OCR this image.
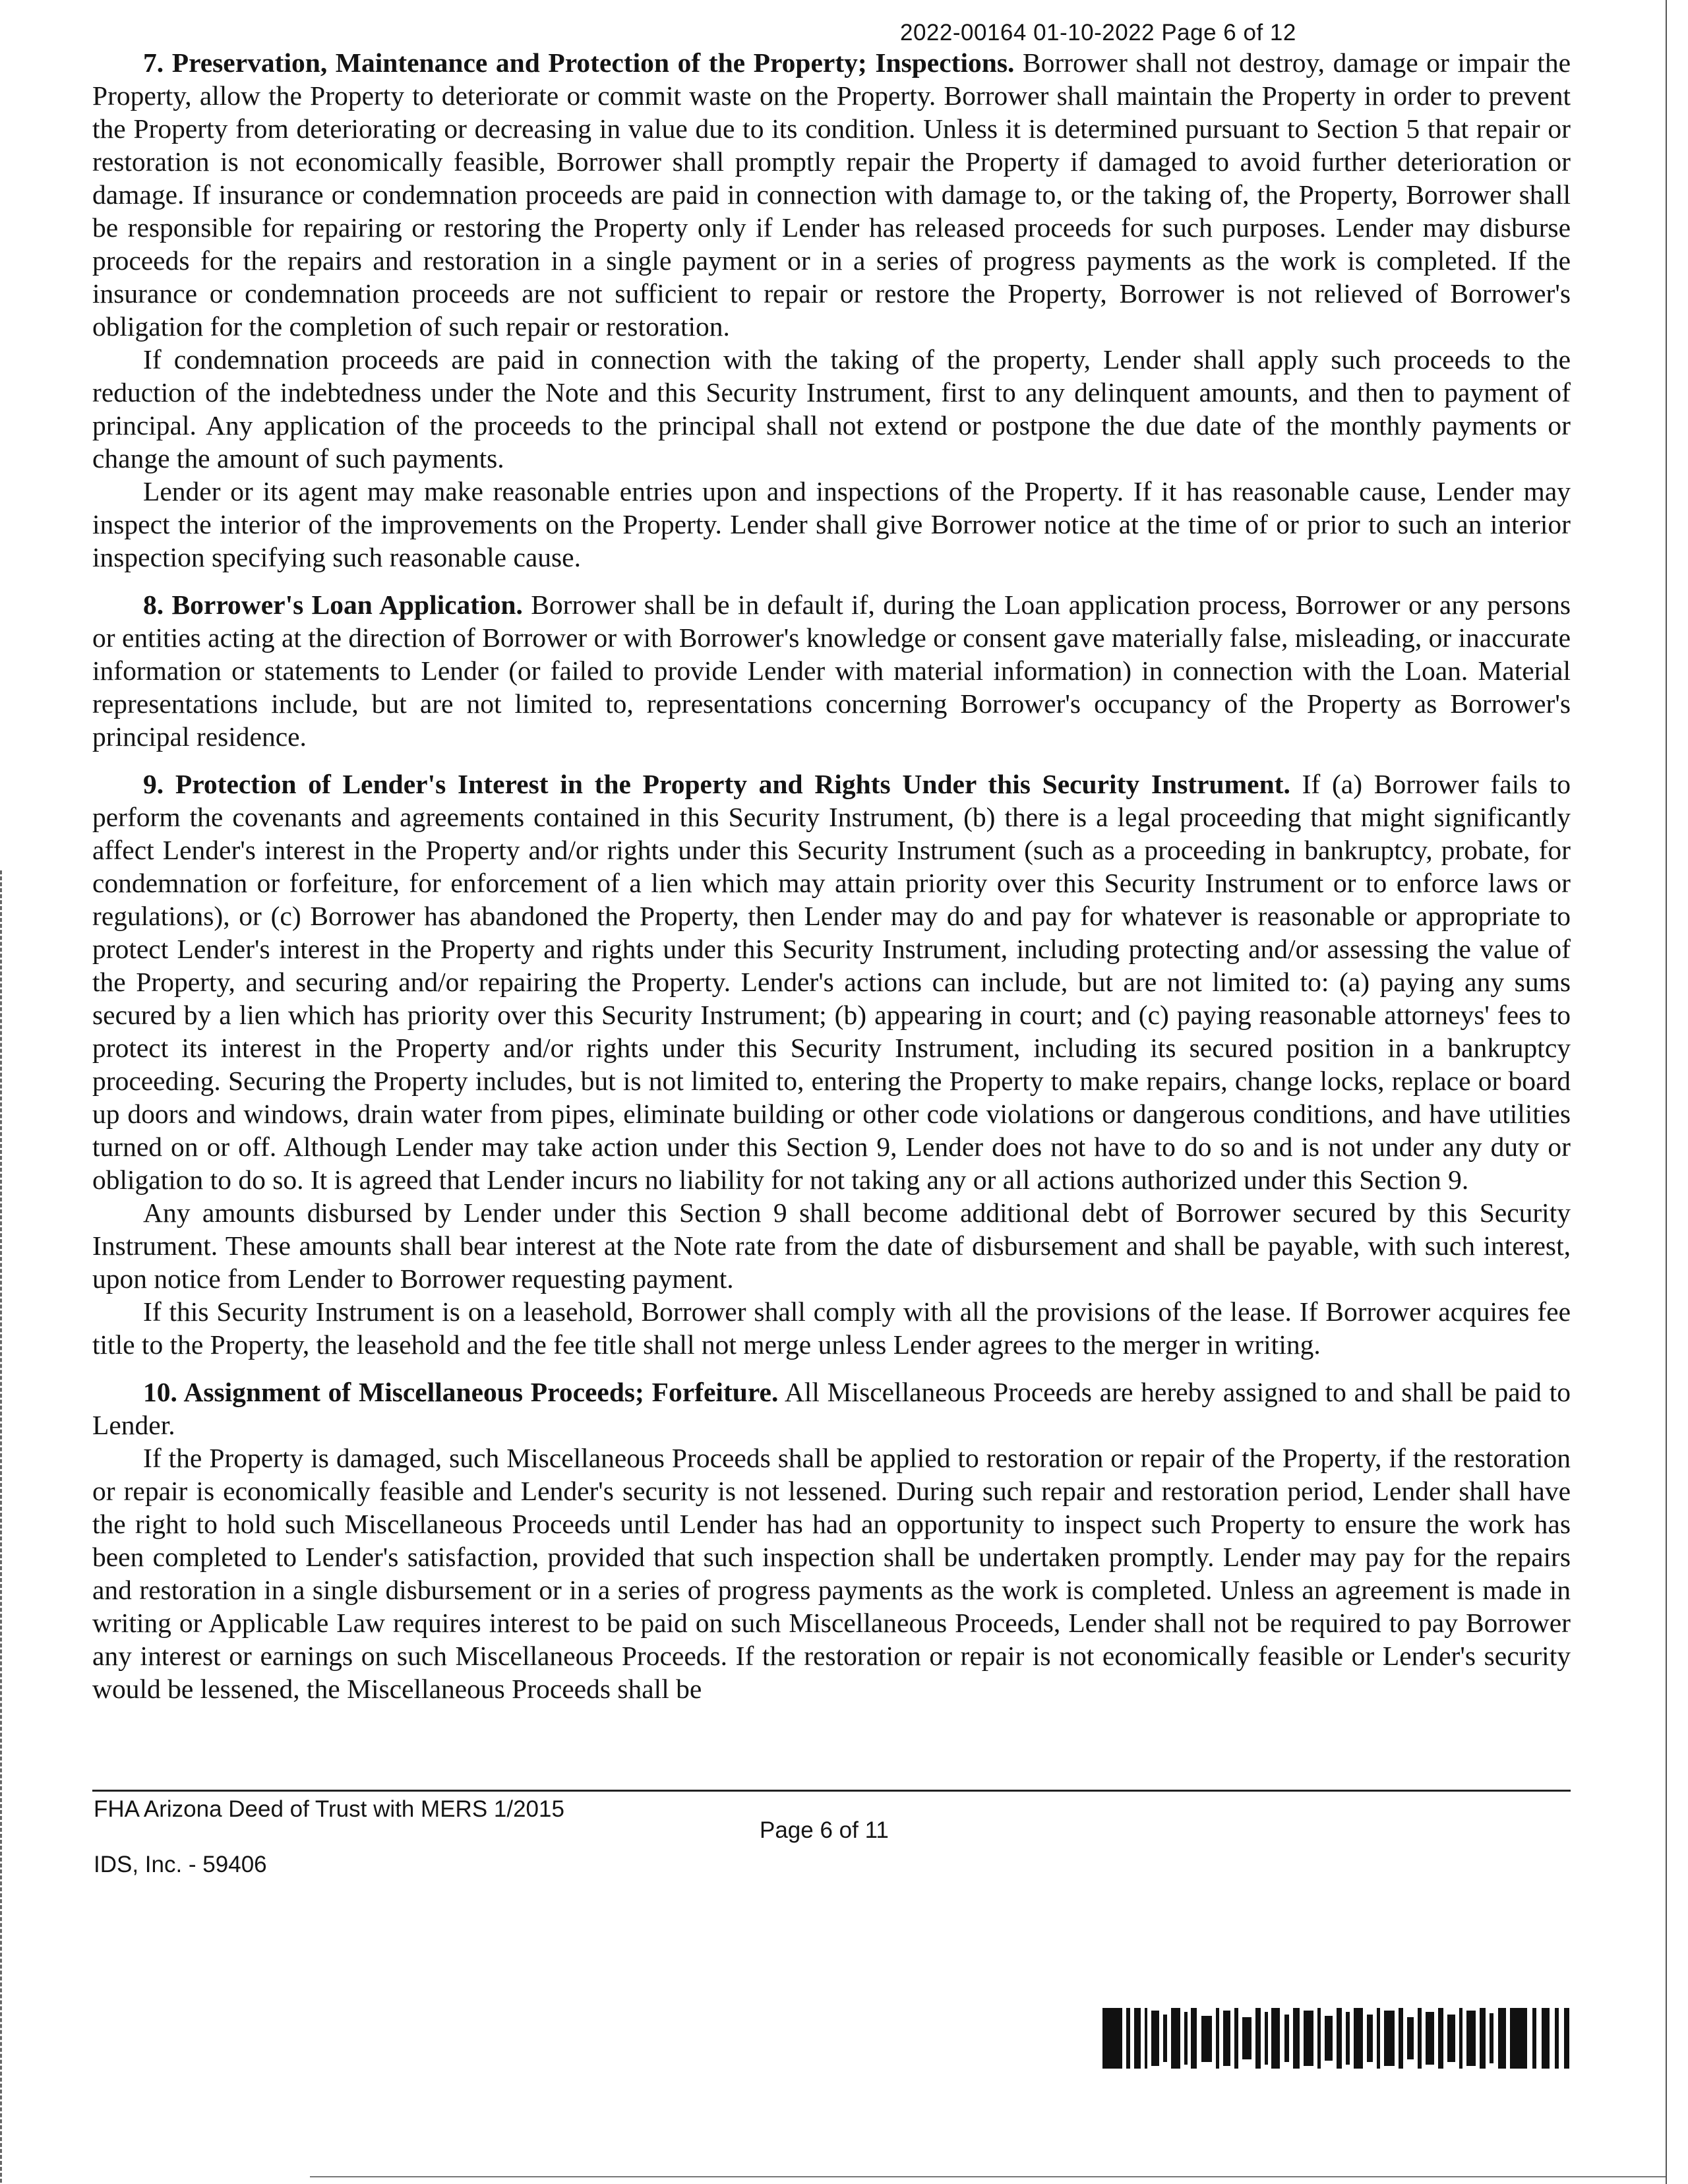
2022-00164 01-10-2022 Page 6 of 12

7. Preservation, Maintenance and Protection of the Property; Inspections. Borrower shall not destroy, damage or impair the Property, allow the Property to deteriorate or commit waste on the Property. Borrower shall maintain the Property in order to prevent the Property from deteriorating or decreasing in value due to its condition. Unless it is determined pursuant to Section 5 that repair or restoration is not economically feasible, Borrower shall promptly repair the Property if damaged to avoid further deterioration or damage. If insurance or condemnation proceeds are paid in connection with damage to, or the taking of, the Property, Borrower shall be responsible for repairing or restoring the Property only if Lender has released proceeds for such purposes. Lender may disburse proceeds for the repairs and restoration in a single payment or in a series of progress payments as the work is completed. If the insurance or condemnation proceeds are not sufficient to repair or restore the Property, Borrower is not relieved of Borrower's obligation for the completion of such repair or restoration.

If condemnation proceeds are paid in connection with the taking of the property, Lender shall apply such proceeds to the reduction of the indebtedness under the Note and this Security Instrument, first to any delinquent amounts, and then to payment of principal. Any application of the proceeds to the principal shall not extend or postpone the due date of the monthly payments or change the amount of such payments.

Lender or its agent may make reasonable entries upon and inspections of the Property. If it has reasonable cause, Lender may inspect the interior of the improvements on the Property. Lender shall give Borrower notice at the time of or prior to such an interior inspection specifying such reasonable cause.

8. Borrower's Loan Application. Borrower shall be in default if, during the Loan application process, Borrower or any persons or entities acting at the direction of Borrower or with Borrower's knowledge or consent gave materially false, misleading, or inaccurate information or statements to Lender (or failed to provide Lender with material information) in connection with the Loan. Material representations include, but are not limited to, representations concerning Borrower's occupancy of the Property as Borrower's principal residence.

9. Protection of Lender's Interest in the Property and Rights Under this Security Instrument. If (a) Borrower fails to perform the covenants and agreements contained in this Security Instrument, (b) there is a legal proceeding that might significantly affect Lender's interest in the Property and/or rights under this Security Instrument (such as a proceeding in bankruptcy, probate, for condemnation or forfeiture, for enforcement of a lien which may attain priority over this Security Instrument or to enforce laws or regulations), or (c) Borrower has abandoned the Property, then Lender may do and pay for whatever is reasonable or appropriate to protect Lender's interest in the Property and rights under this Security Instrument, including protecting and/or assessing the value of the Property, and securing and/or repairing the Property. Lender's actions can include, but are not limited to: (a) paying any sums secured by a lien which has priority over this Security Instrument; (b) appearing in court; and (c) paying reasonable attorneys' fees to protect its interest in the Property and/or rights under this Security Instrument, including its secured position in a bankruptcy proceeding. Securing the Property includes, but is not limited to, entering the Property to make repairs, change locks, replace or board up doors and windows, drain water from pipes, eliminate building or other code violations or dangerous conditions, and have utilities turned on or off. Although Lender may take action under this Section 9, Lender does not have to do so and is not under any duty or obligation to do so. It is agreed that Lender incurs no liability for not taking any or all actions authorized under this Section 9.

Any amounts disbursed by Lender under this Section 9 shall become additional debt of Borrower secured by this Security Instrument. These amounts shall bear interest at the Note rate from the date of disbursement and shall be payable, with such interest, upon notice from Lender to Borrower requesting payment.

If this Security Instrument is on a leasehold, Borrower shall comply with all the provisions of the lease. If Borrower acquires fee title to the Property, the leasehold and the fee title shall not merge unless Lender agrees to the merger in writing.

10. Assignment of Miscellaneous Proceeds; Forfeiture. All Miscellaneous Proceeds are hereby assigned to and shall be paid to Lender.

If the Property is damaged, such Miscellaneous Proceeds shall be applied to restoration or repair of the Property, if the restoration or repair is economically feasible and Lender's security is not lessened. During such repair and restoration period, Lender shall have the right to hold such Miscellaneous Proceeds until Lender has had an opportunity to inspect such Property to ensure the work has been completed to Lender's satisfaction, provided that such inspection shall be undertaken promptly. Lender may pay for the repairs and restoration in a single disbursement or in a series of progress payments as the work is completed. Unless an agreement is made in writing or Applicable Law requires interest to be paid on such Miscellaneous Proceeds, Lender shall not be required to pay Borrower any interest or earnings on such Miscellaneous Proceeds. If the restoration or repair is not economically feasible or Lender's security would be lessened, the Miscellaneous Proceeds shall be

FHA Arizona Deed of Trust with MERS 1/2015
Page 6 of 11
IDS, Inc. - 59406
